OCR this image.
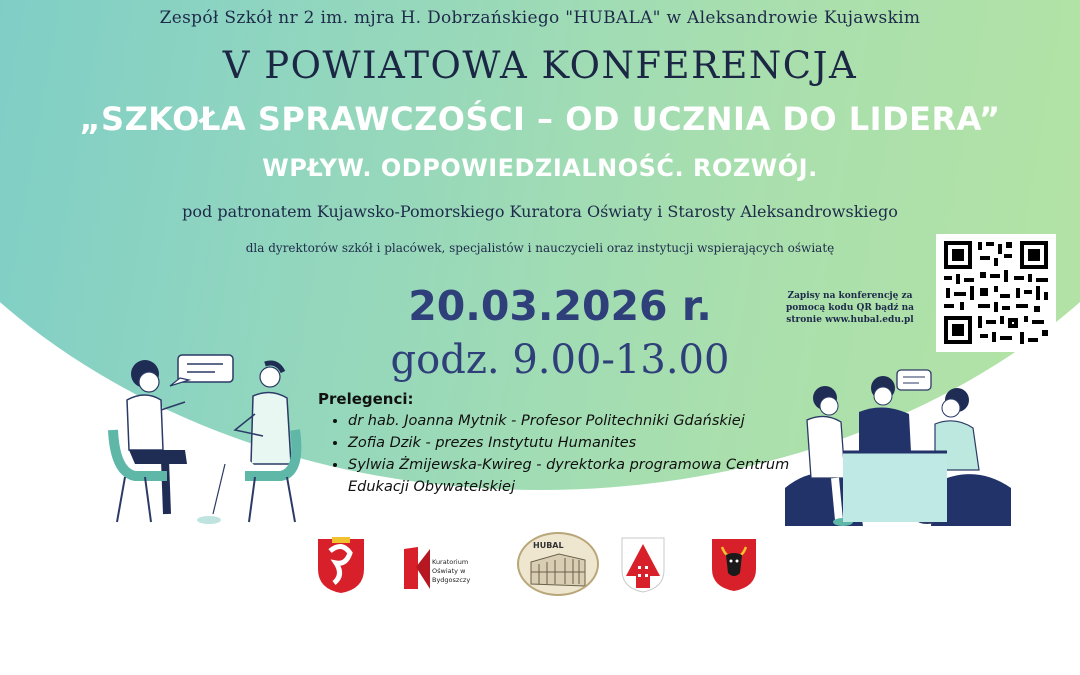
Zespół Szkół nr 2 im. mjra H. Dobrzańskiego "HUBALA" w Aleksandrowie Kujawskim
V POWIATOWA KONFERENCJA
„SZKOŁA SPRAWCZOŚCI – OD UCZNIA DO LIDERA”
WPŁYW. ODPOWIEDZIALNOŚĆ. ROZWÓJ.
pod patronatem Kujawsko-Pomorskiego Kuratora Oświaty i Starosty Aleksandrowskiego
dla dyrektorów szkół i placówek, specjalistów i nauczycieli oraz instytucji wspierających oświatę
20.03.2026 r.
godz. 9.00-13.00
Zapisy na konferencję za pomocą kodu QR bądź na stronie www.hubal.edu.pl
Prelegenci:
• dr hab. Joanna Mytnik - Profesor Politechniki Gdańskiej
• Zofia Dzik - prezes Instytutu Humanites
• Sylwia Żmijewska-Kwireg - dyrektorka programowa Centrum Edukacji Obywatelskiej
Kuratorium Oświaty w Bydgoszczy
HUBAL
